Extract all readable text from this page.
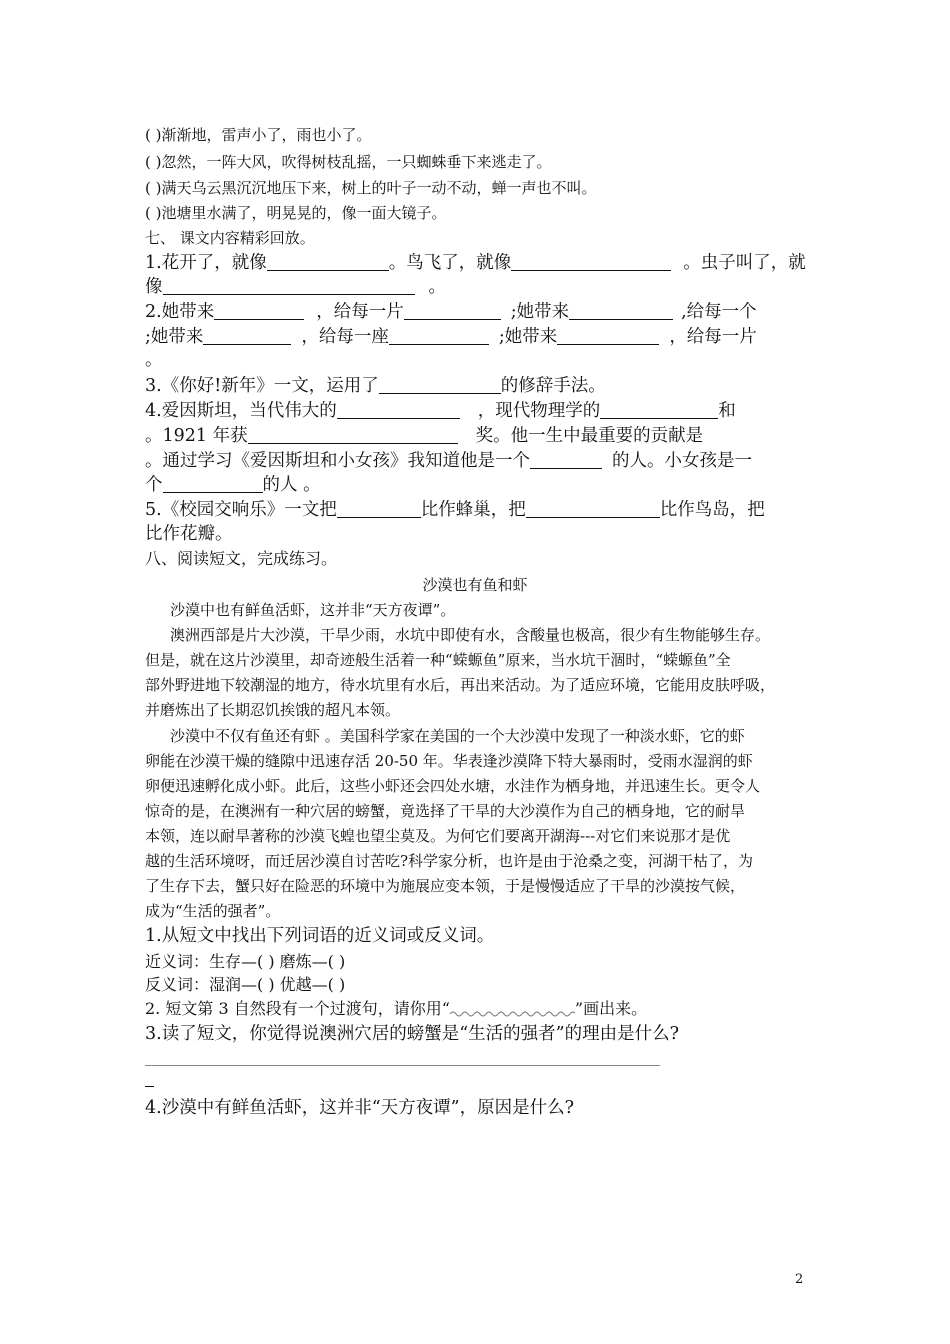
( )渐渐地，雷声小了，雨也小了。
( )忽然，一阵大风，吹得树枝乱摇，一只蜘蛛垂下来逃走了。
( )满天乌云黑沉沉地压下来，树上的叶子一动不动，蝉一声也不叫。
( )池塘里水满了，明晃晃的，像一面大镜子。
七、 课文内容精彩回放。
1.花开了，就像	。鸟飞了，就像	。虫子叫了，就
像	。
2.她带来	，给每一片	;她带来	,给每一个
;她带来	，给每一座	;她带来	，给每一片
。
3.《你好!新年》一文，运用了	的修辞手法。
4.爱因斯坦，当代伟大的	，现代物理学的	和
。1921 年获	奖。他一生中最重要的贡献是
。通过学习《爱因斯坦和小女孩》我知道他是一个	的人。小女孩是一
个	的人 。
5.《校园交响乐》一文把	比作蜂巢，把	比作鸟岛，把
比作花瓣。
八、阅读短文，完成练习。
沙漠也有鱼和虾
沙漠中也有鲜鱼活虾，这并非“天方夜谭”。
澳洲西部是片大沙漠，干旱少雨，水坑中即使有水，含酸量也极高，很少有生物能够生存。
但是，就在这片沙漠里，却奇迹般生活着一种“蝾螈鱼”原来，当水坑干涸时，“蝾螈鱼”全
部外野进地下较潮湿的地方，待水坑里有水后，再出来活动。为了适应环境，它能用皮肤呼吸，
并磨炼出了长期忍饥挨饿的超凡本领。
沙漠中不仅有鱼还有虾 。美国科学家在美国的一个大沙漠中发现了一种淡水虾，它的虾
卵能在沙漠干燥的缝隙中迅速存活 20-50 年。华表逢沙漠降下特大暴雨时，受雨水湿润的虾
卵便迅速孵化成小虾。此后，这些小虾还会四处水塘，水洼作为栖身地，并迅速生长。更令人
惊奇的是，在澳洲有一种穴居的螃蟹，竟选择了干旱的大沙漠作为自己的栖身地，它的耐旱
本领，连以耐旱著称的沙漠飞蝗也望尘莫及。为何它们要离开湖海---对它们来说那才是优
越的生活环境呀，而迁居沙漠自讨苦吃?科学家分析，也许是由于沧桑之变，河湖干枯了，为
了生存下去，蟹只好在险恶的环境中为施展应变本领，于是慢慢适应了干旱的沙漠按气候，
成为“生活的强者”。
1.从短文中找出下列词语的近义词或反义词。
近义词：生存—( ) 磨炼—( )
反义词：湿润—( ) 优越—( )
2. 短文第 3 自然段有一个过渡句，请你用“	”画出来。
3.读了短文，你觉得说澳洲穴居的螃蟹是“生活的强者”的理由是什么?
4.沙漠中有鲜鱼活虾，这并非“天方夜谭”，原因是什么?
2
